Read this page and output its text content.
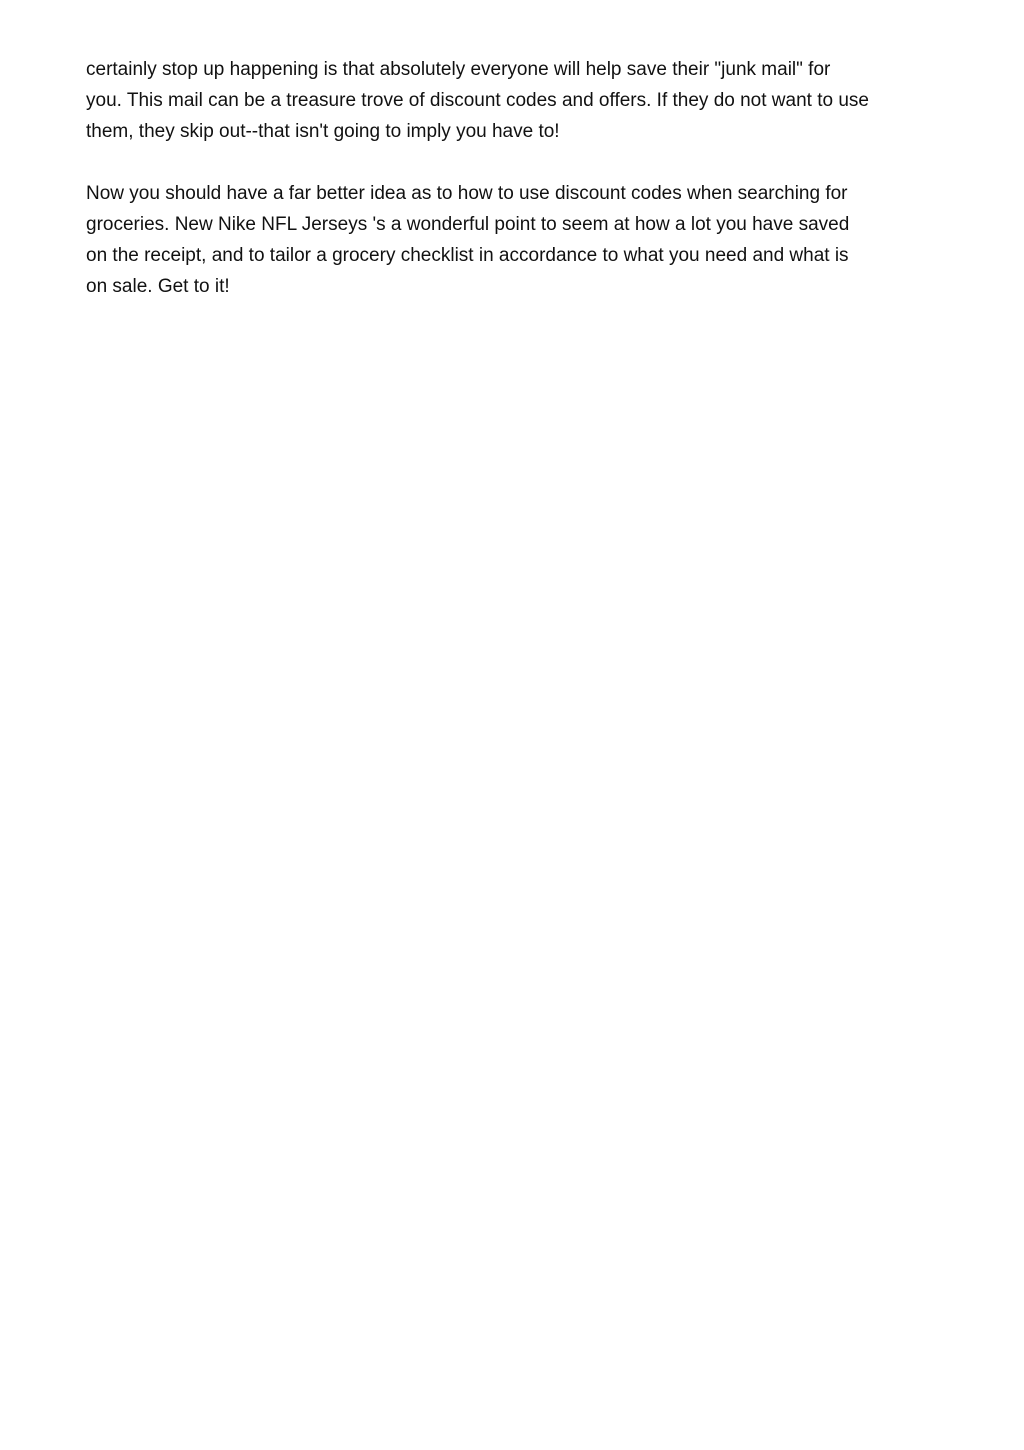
certainly stop up happening is that absolutely everyone will help save their "junk mail" for
you. This mail can be a treasure trove of discount codes and offers. If they do not want to use
them, they skip out--that isn't going to imply you have to!

Now you should have a far better idea as to how to use discount codes when searching for
groceries. New Nike NFL Jerseys 's a wonderful point to seem at how a lot you have saved
on the receipt, and to tailor a grocery checklist in accordance to what you need and what is
on sale. Get to it!
